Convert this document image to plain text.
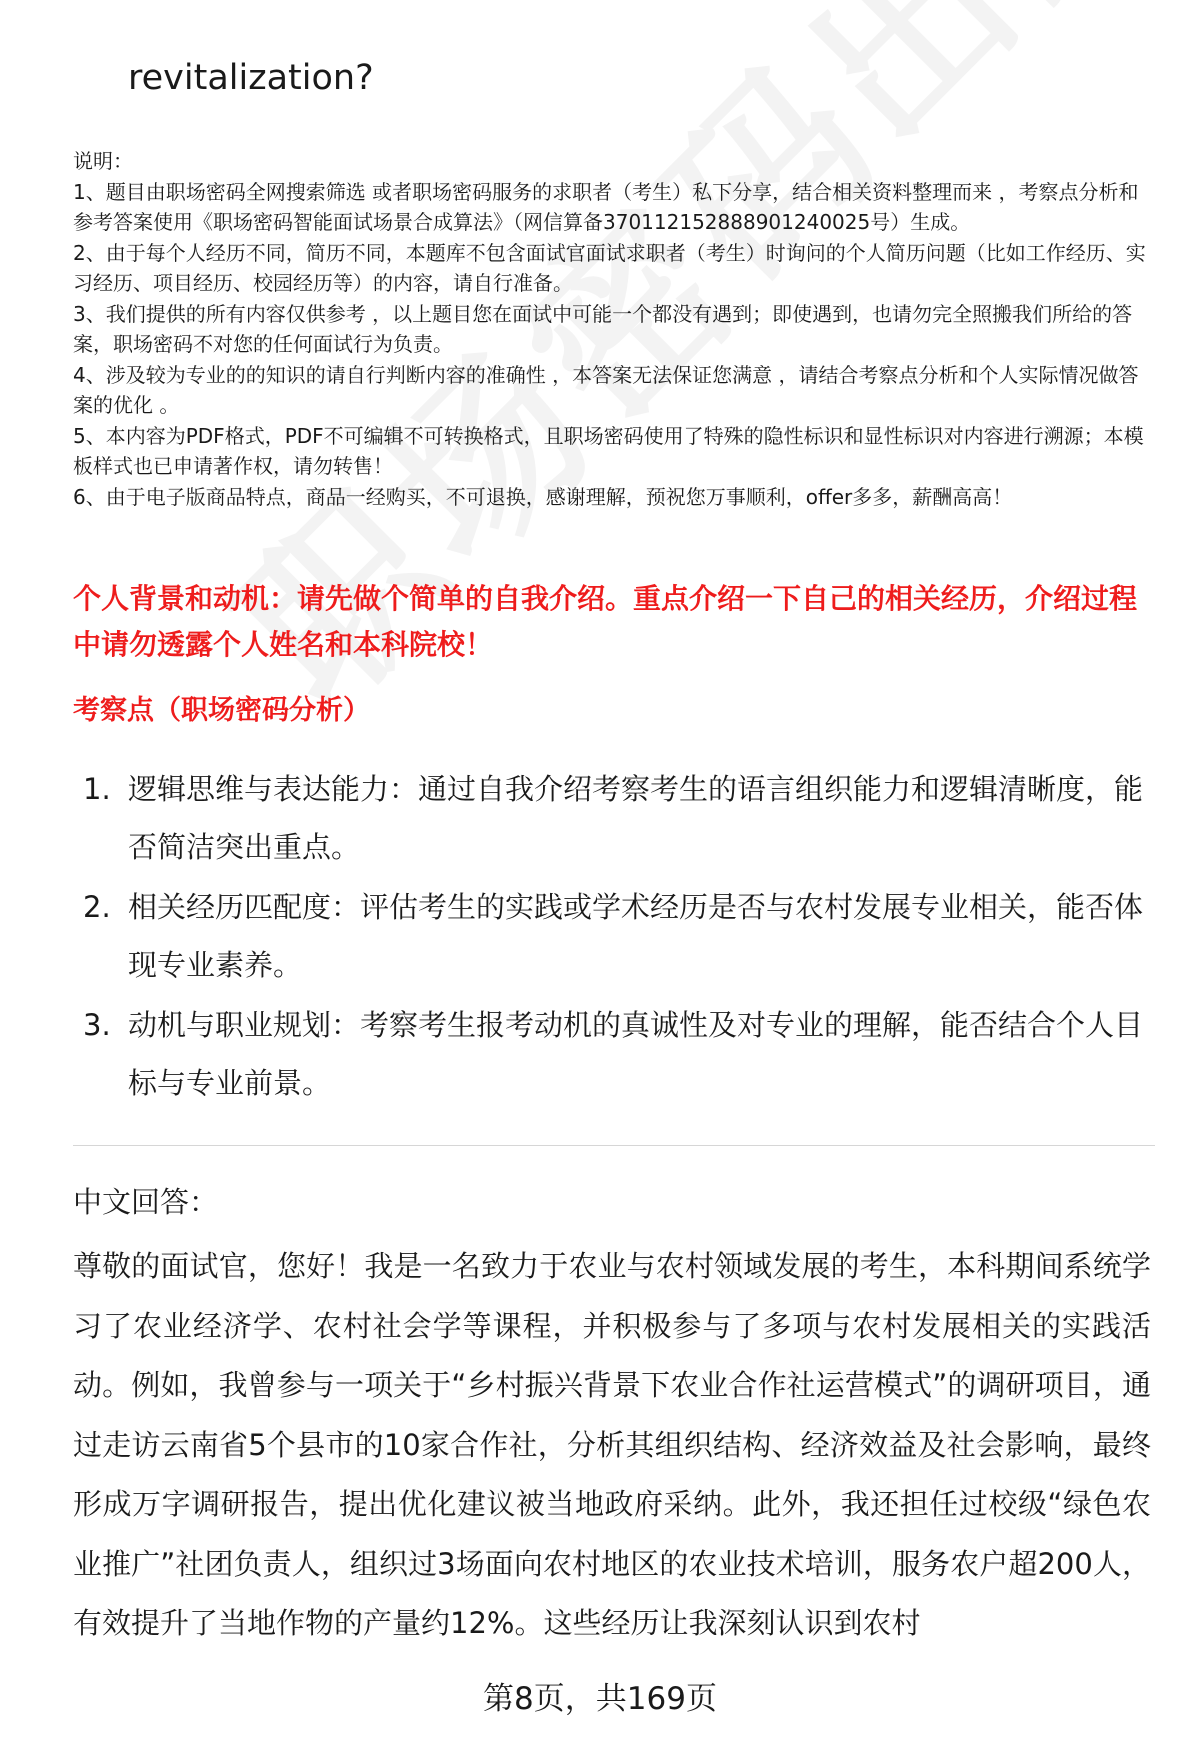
revitalization?

说明：

1、题目由职场密码全网搜索筛选 或者职场密码服务的求职者（考生）私下分享，结合相关资料整理而来 ，考察点分析和参考答案使用《职场密码智能面试场景合成算法》（网信算备370112152888901240025号）生成。

2、由于每个人经历不同，简历不同，本题库不包含面试官面试求职者（考生）时询问的个人简历问题（比如工作经历、实习经历、项目经历、校园经历等）的内容，请自行准备。

3、我们提供的所有内容仅供参考 ，以上题目您在面试中可能一个都没有遇到；即使遇到，也请勿完全照搬我们所给的答案，职场密码不对您的任何面试行为负责。

4、涉及较为专业的的知识的请自行判断内容的准确性 ，本答案无法保证您满意 ，请结合考察点分析和个人实际情况做答案的优化 。

5、本内容为PDF格式，PDF不可编辑不可转换格式，且职场密码使用了特殊的隐性标识和显性标识对内容进行溯源；本模板样式也已申请著作权，请勿转售！

6、由于电子版商品特点，商品一经购买，不可退换，感谢理解，预祝您万事顺利，offer多多，薪酬高高！

个人背景和动机：请先做个简单的自我介绍。重点介绍一下自己的相关经历，介绍过程中请勿透露个人姓名和本科院校！
考察点（职场密码分析）
1. 逻辑思维与表达能力：通过自我介绍考察考生的语言组织能力和逻辑清晰度，能否简洁突出重点。
2. 相关经历匹配度：评估考生的实践或学术经历是否与农村发展专业相关，能否体现专业素养。
3. 动机与职业规划：考察考生报考动机的真诚性及对专业的理解，能否结合个人目标与专业前景。
中文回答：

尊敬的面试官，您好！我是一名致力于农业与农村领域发展的考生，本科期间系统学习了农业经济学、农村社会学等课程，并积极参与了多项与农村发展相关的实践活动。例如，我曾参与一项关于“乡村振兴背景下农业合作社运营模式”的调研项目，通过走访云南省5个县市的10家合作社，分析其组织结构、经济效益及社会影响，最终形成万字调研报告，提出优化建议被当地政府采纳。此外，我还担任过校级“绿色农业推广”社团负责人，组织过3场面向农村地区的农业技术培训，服务农户超200人，有效提升了当地作物的产量约12%。这些经历让我深刻认识到农村

第8页，共169页
